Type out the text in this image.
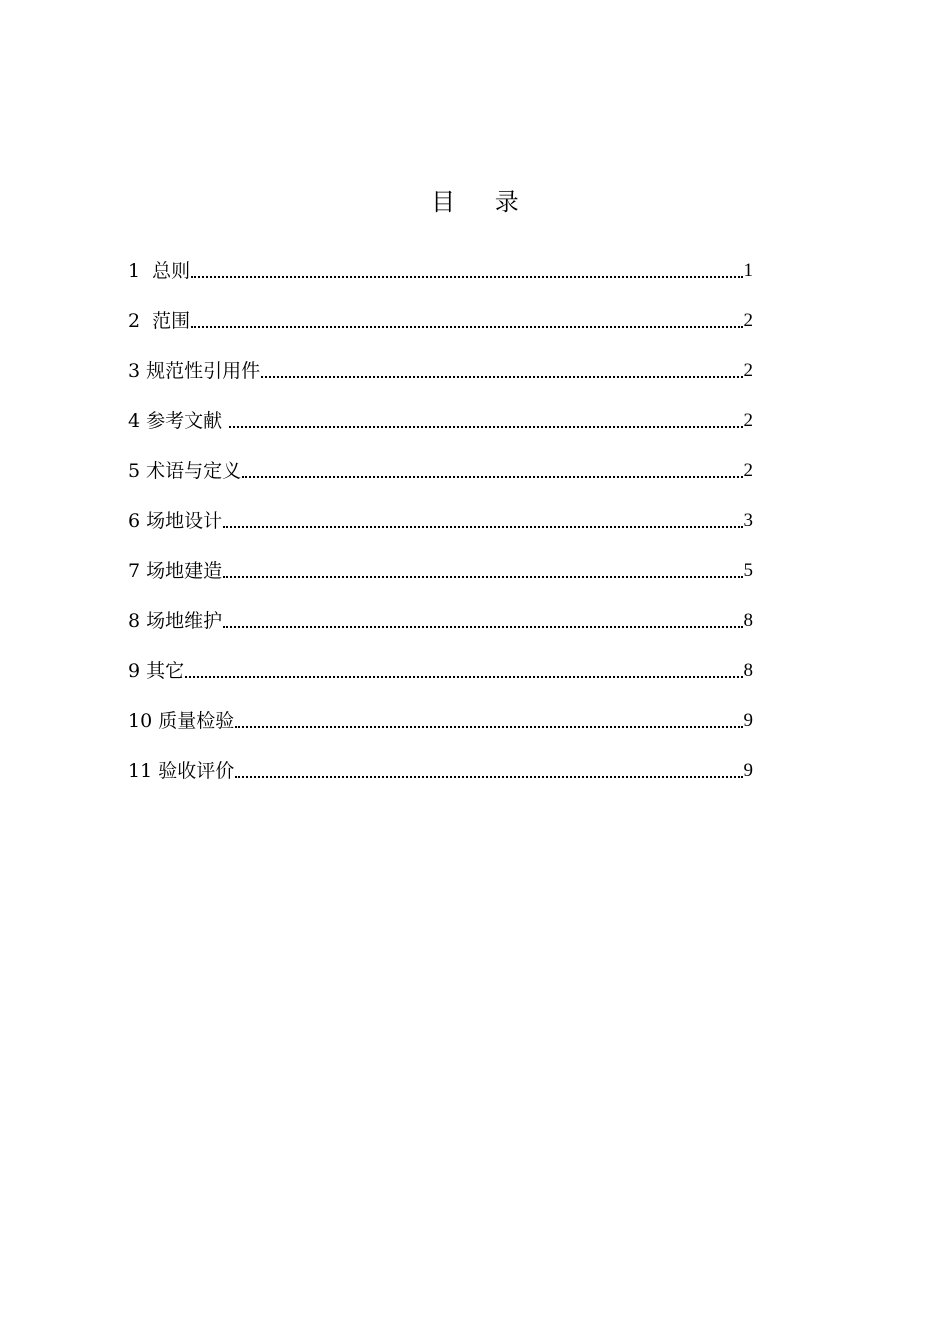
目 录
1  总则	1
2  范围	2
3 规范性引用件	2
4 参考文献	2
5 术语与定义	2
6 场地设计	3
7 场地建造	5
8 场地维护	8
9 其它	8
10 质量检验	9
11 验收评价	9
